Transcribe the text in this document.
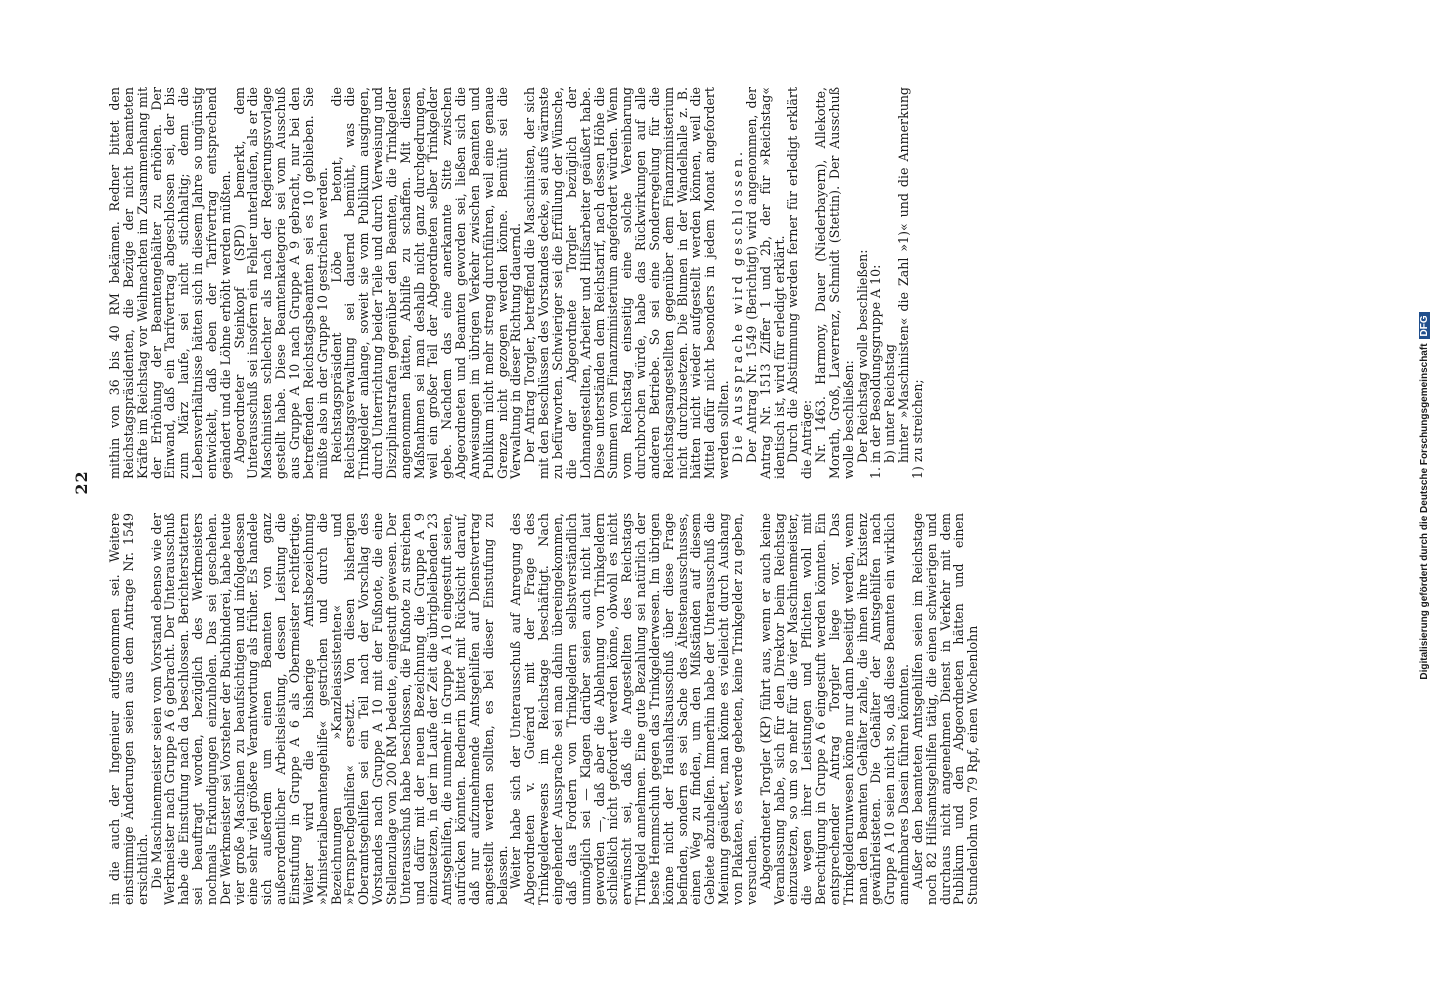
22

in die auch der Ingenieur aufgenommen sei. Weitere einstimmige Änderungen seien aus dem Antrage Nr. 1549 ersichtlich.

Die Maschinenmeister seien vom Vorstand ebenso wie der Werkmeister nach Gruppe A 6 gebracht. Der Unterausschuß habe die Einstufung nach da beschlossen. Berichterstattern sei beauftragt worden, bezüglich des Werkmeisters nochmals Erkundigungen einzuholen. Das sei geschehen. Der Werkmeister sei Vorsteher der Buchbinderei, habe heute vier große Maschinen zu beaufsichtigen und infolgedessen eine sehr viel größere Verantwortung als früher. Es handele sich außerdem um einen Beamten von ganz außerordentlicher Arbeitsleistung, dessen Leistung die Einstufung in Gruppe A 6 als Obermeister rechtfertige. Weiter wird die bisherige Amtsbezeichnung »Ministerialbeamtengehilfe« gestrichen und durch die Bezeichnungen »Kanzleiassistenten« und »Fernsprechgehilfen« ersetzt. Von diesen bisherigen Oberamtsgehilfen sei ein Teil nach der Vorschlag des Vorstandes nach Gruppe A 10 mit der Fußnote, die eine Stellenzulage von 200 RM bedeute, eingestuft gewesen. Der Unterausschuß habe beschlossen, die Fußnote zu streichen und dafür mit der neuen Bezeichnung die Gruppe A 9 einzusetzen, in der im Laufe der Zeit die übrigbleibenden 23 Amtsgehilfen, die nunmehr in Gruppe A 10 eingestuft seien, aufrücken könnten. Rednerin bittet mit Rücksicht darauf, daß nur aufzunehmende Amtsgehilfen auf Dienstvertrag angestellt werden sollten, es bei dieser Einstufung zu belassen.

Weiter habe sich der Unterausschuß auf Anregung des Abgeordneten v. Guérard mit der Frage des Trinkgelderwesens im Reichstage beschäftigt. Nach eingehender Aussprache sei man dahin übereingekommen, daß das Fordern von Trinkgeldern selbstverständlich unmöglich sei — Klagen darüber seien auch nicht laut geworden —, daß aber die Ablehnung von Trinkgeldern schließlich nicht gefordert werden könne, obwohl es nicht erwünscht sei, daß die Angestellten des Reichstags Trinkgeld annehmen. Eine gute Bezahlung sei natürlich der beste Hemmschuh gegen das Trinkgelderwesen. Im übrigen könne nicht der Haushaltsausschuß über diese Frage befinden, sondern es sei Sache des Ältestenausschusses, einen Weg zu finden, um den Mißständen auf diesem Gebiete abzuhelfen. Immerhin habe der Unterausschuß die Meinung geäußert, man könne es vielleicht durch Aushang von Plakaten, es werde gebeten, keine Trinkgelder zu geben, versuchen.

Abgeordneter Torgler (KP) führt aus, wenn er auch keine Veranlassung habe, sich für den Direktor beim Reichstag einzusetzen, so um so mehr für die vier Maschinenmeister, die wegen ihrer Leistungen und Pflichten wohl mit Berechtigung in Gruppe A 6 eingestuft werden könnten. Ein entsprechender Antrag Torgler liege vor. Das Trinkgelderunwesen könne nur dann beseitigt werden, wenn man den Beamten Gehälter zahle, die ihnen ihre Existenz gewährleisteten. Die Gehälter der Amtsgehilfen nach Gruppe A 10 seien nicht so, daß diese Beamten ein wirklich annehmbares Dasein führen könnten.

Außer den beamteten Amtsgehilfen seien im Reichstage noch 82 Hilfsamtsgehilfen tätig, die einen schwierigen und durchaus nicht angenehmen Dienst in Verkehr mit dem Publikum und den Abgeordneten hätten und einen Stundenlohn von 79 Rpf, einen Wochenlohn

mithin von 36 bis 40 RM bekämen. Redner bittet den Reichstagspräsidenten, die Bezüge der nicht beamteten Kräfte im Reichstag vor Weihnachten im Zusammenhang mit der Erhöhung der Beamtengehälter zu erhöhen. Der Einwand, daß ein Tarifvertrag abgeschlossen sei, der bis zum März laufe, sei nicht stichhaltig; denn die Lebensverhältnisse hätten sich in diesem Jahre so ungünstig entwickelt, daß eben der Tarifvertrag entsprechend geändert und die Löhne erhöht werden müßten.

Abgeordneter Steinkopf (SPD) bemerkt, dem Unterausschuß sei insofern ein Fehler unterlaufen, als er die Maschinisten schlechter als nach der Regierungsvorlage gestellt habe. Diese Beamtenkategorie sei vom Ausschuß aus Gruppe A 10 nach Gruppe A 9 gebracht, nur bei den betreffenden Reichstagsbeamten sei es 10 geblieben. Sie müßte also in der Gruppe 10 gestrichen werden.

Reichstagspräsident Löbe betont, die Reichstagsverwaltung sei dauernd bemüht, was die Trinkgelder anlange, soweit sie vom Publikum ausgingen, durch Unterrichtung beider Teile und durch Verweisung und Disziplinarstrafen gegenüber den Beamten, die Trinkgelder angenommen hätten, Abhilfe zu schaffen. Mit diesen Maßnahmen sei man deshalb nicht ganz durchgedrungen, weil ein großer Teil der Abgeordneten selber Trinkgelder gebe. Nachdem das eine anerkannte Sitte zwischen Abgeordneten und Beamten geworden sei, ließen sich die Anweisungen im übrigen Verkehr zwischen Beamten und Publikum nicht mehr streng durchführen, weil eine genaue Grenze nicht gezogen werden könne. Bemüht sei die Verwaltung in dieser Richtung dauernd.

Der Antrag Torgler, betreffend die Maschinisten, der sich mit den Beschlüssen des Vorstandes decke, sei aufs wärmste zu befürworten. Schwieriger sei die Erfüllung der Wünsche, die der Abgeordnete Torgler bezüglich der Lohnangestellten, Arbeiter und Hilfsarbeiter geäußert habe. Diese unterständen dem Reichstarif, nach dessen Höhe die Summen vom Finanzministerium angefordert würden. Wenn vom Reichstag einseitig eine solche Vereinbarung durchbrochen würde, habe das Rückwirkungen auf alle anderen Betriebe. So sei eine Sonderregelung für die Reichstagsangestellten gegenüber dem Finanzministerium nicht durchzusetzen. Die Blumen in der Wandelhalle z. B. hätten nicht wieder aufgestellt werden können, weil die Mittel dafür nicht besonders in jedem Monat angefordert werden sollten.

Die Aussprache wird geschlossen.

Der Antrag Nr. 1549 (Berichtigt) wird angenommen, der Antrag Nr. 1513 Ziffer 1 und 2b, der für »Reichstag« identisch ist, wird für erledigt erklärt.

Durch die Abstimmung werden ferner für erledigt erklärt die Anträge:

Nr. 1463. Harmony, Dauer (Niederbayern), Allekotte, Morath, Groß, Laverrenz, Schmidt (Stettin). Der Ausschuß wolle beschließen:

Der Reichstag wolle beschließen:

1. in der Besoldungsgruppe A 10:

b) unter Reichstag

hinter »Maschinisten« die Zahl »1)« und die Anmerkung 1) zu streichen;	Digitalisierung gefördert durch die Deutsche ForschungsgemeinschaftDFG
